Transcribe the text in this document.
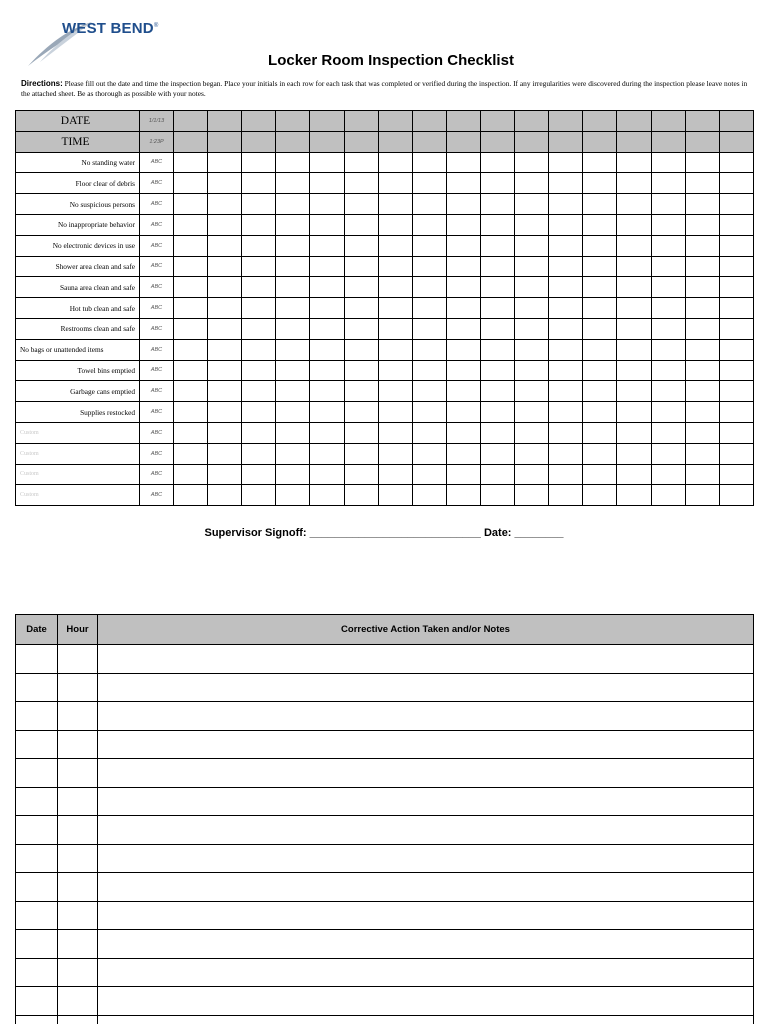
WEST BEND®
Locker Room Inspection Checklist
Directions: Please fill out the date and time the inspection began. Place your initials in each row for each task that was completed or verified during the inspection. If any irregularities were discovered during the inspection please leave notes in the attached sheet. Be as thorough as possible with your notes.
DATE	1/1/13																	
TIME	1:23P																	
No standing water	ABC																	
Floor clear of debris	ABC																	
No suspicious persons	ABC																	
No inappropriate behavior	ABC																	
No electronic devices in use	ABC																	
Shower area clean and safe	ABC																	
Sauna area clean and safe	ABC																	
Hot tub clean and safe	ABC																	
Restrooms clean and safe	ABC																	
No bags or unattended items	ABC																	
Towel bins emptied	ABC																	
Garbage cans emptied	ABC																	
Supplies restocked	ABC																	
Custom	ABC																	
Custom	ABC																	
Custom	ABC																	
Custom	ABC																	
Supervisor Signoff: ____________________________ Date: ________
Date	Hour	Corrective Action Taken and/or Notes
